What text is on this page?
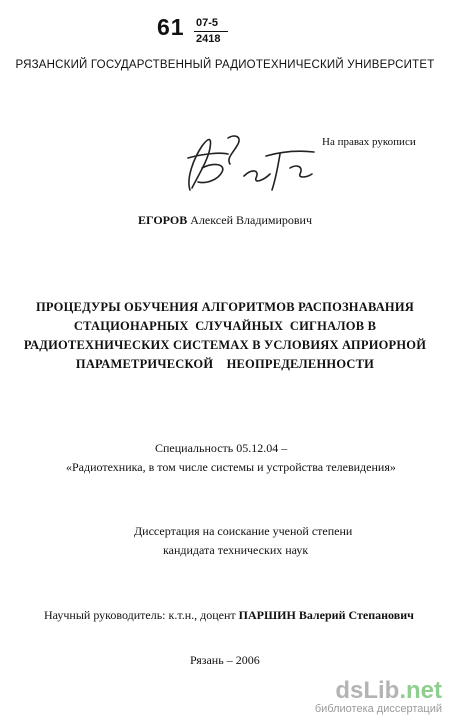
61 07-5
2418
РЯЗАНСКИЙ ГОСУДАРСТВЕННЫЙ РАДИОТЕХНИЧЕСКИЙ УНИВЕРСИТЕТ
На правах рукописи
ЕГОРОВ Алексей Владимирович
ПРОЦЕДУРЫ ОБУЧЕНИЯ АЛГОРИТМОВ РАСПОЗНАВАНИЯ
СТАЦИОНАРНЫХ  СЛУЧАЙНЫХ  СИГНАЛОВ В
РАДИОТЕХНИЧЕСКИХ СИСТЕМАХ В УСЛОВИЯХ АПРИОРНОЙ
ПАРАМЕТРИЧЕСКОЙ    НЕОПРЕДЕЛЕННОСТИ
Специальность 05.12.04 –
«Радиотехника, в том числе системы и устройства телевидения»
Диссертация на соискание ученой степени
кандидата технических наук
Научный руководитель: к.т.н., доцент ПАРШИН Валерий Степанович
Рязань – 2006
dsLib.net
библиотека диссертаций
